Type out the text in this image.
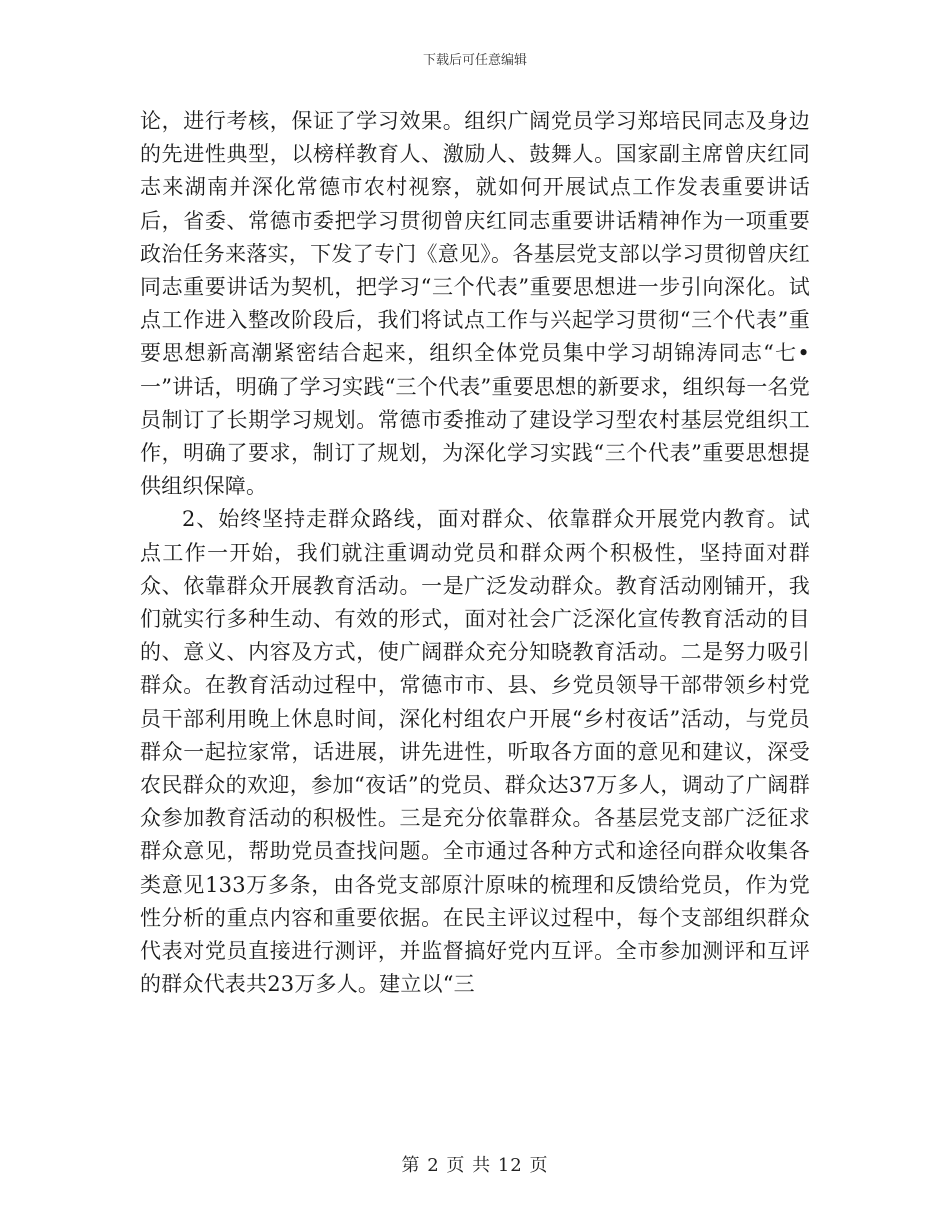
下载后可任意编辑

论，进行考核，保证了学习效果。组织广阔党员学习郑培民同志及身边的先进性典型，以榜样教育人、激励人、鼓舞人。国家副主席曾庆红同志来湖南并深化常德市农村视察，就如何开展试点工作发表重要讲话后，省委、常德市委把学习贯彻曾庆红同志重要讲话精神作为一项重要政治任务来落实，下发了专门《意见》。各基层党支部以学习贯彻曾庆红同志重要讲话为契机，把学习“三个代表”重要思想进一步引向深化。试点工作进入整改阶段后，我们将试点工作与兴起学习贯彻“三个代表”重要思想新高潮紧密结合起来，组织全体党员集中学习胡锦涛同志“七•一”讲话，明确了学习实践“三个代表”重要思想的新要求，组织每一名党员制订了长期学习规划。常德市委推动了建设学习型农村基层党组织工作，明确了要求，制订了规划，为深化学习实践“三个代表”重要思想提供组织保障。

2、始终坚持走群众路线，面对群众、依靠群众开展党内教育。试点工作一开始，我们就注重调动党员和群众两个积极性，坚持面对群众、依靠群众开展教育活动。一是广泛发动群众。教育活动刚铺开，我们就实行多种生动、有效的形式，面对社会广泛深化宣传教育活动的目的、意义、内容及方式，使广阔群众充分知晓教育活动。二是努力吸引群众。在教育活动过程中，常德市市、县、乡党员领导干部带领乡村党员干部利用晚上休息时间，深化村组农户开展“乡村夜话”活动，与党员群众一起拉家常，话进展，讲先进性，听取各方面的意见和建议，深受农民群众的欢迎，参加“夜话”的党员、群众达37万多人，调动了广阔群众参加教育活动的积极性。三是充分依靠群众。各基层党支部广泛征求群众意见，帮助党员查找问题。全市通过各种方式和途径向群众收集各类意见133万多条，由各党支部原汁原味的梳理和反馈给党员，作为党性分析的重点内容和重要依据。在民主评议过程中，每个支部组织群众代表对党员直接进行测评，并监督搞好党内互评。全市参加测评和互评的群众代表共23万多人。建立以“三

第 2 页 共 12 页
